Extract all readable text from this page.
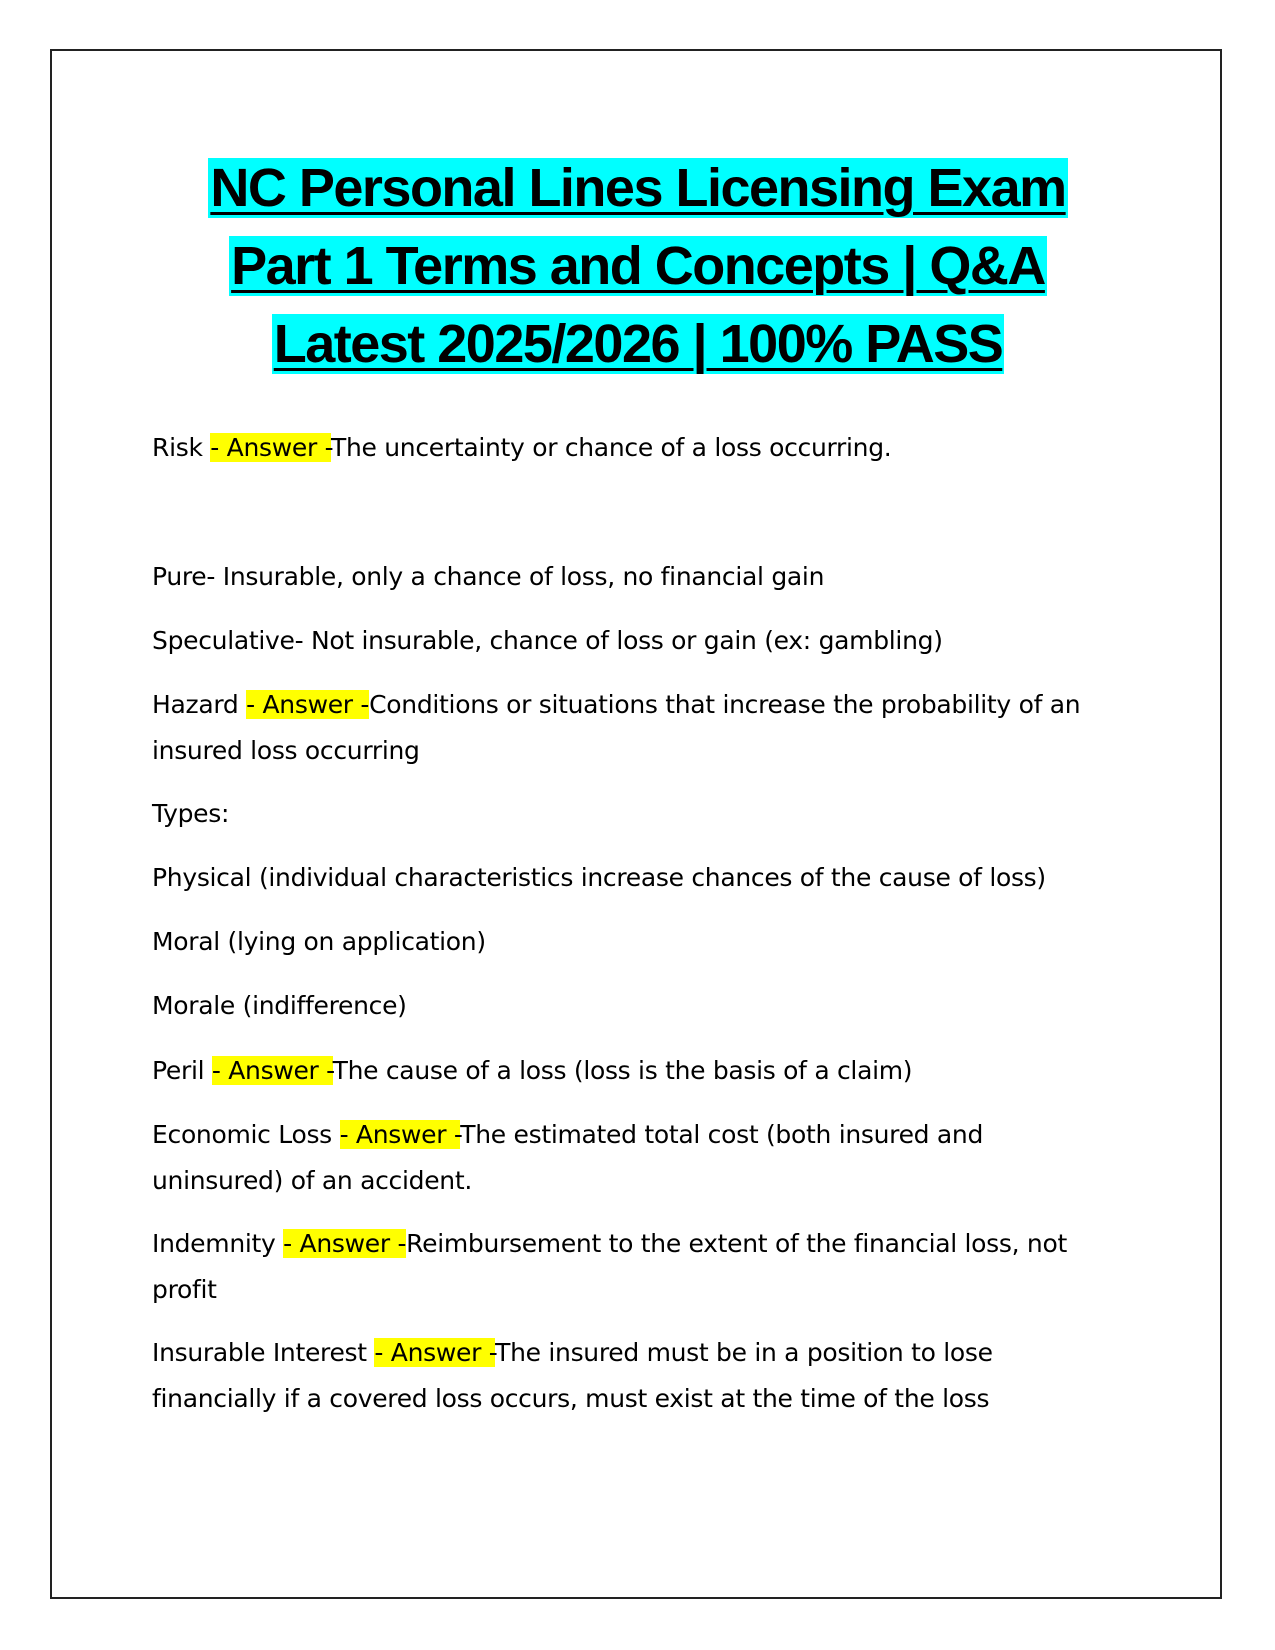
NC Personal Lines Licensing Exam
Part 1 Terms and Concepts | Q&A
Latest 2025/2026 | 100% PASS

Risk - Answer -The uncertainty or chance of a loss occurring.

Pure- Insurable, only a chance of loss, no financial gain

Speculative- Not insurable, chance of loss or gain (ex: gambling)

Hazard - Answer -Conditions or situations that increase the probability of an insured loss occurring

Types:

Physical (individual characteristics increase chances of the cause of loss)

Moral (lying on application)

Morale (indifference)

Peril - Answer -The cause of a loss (loss is the basis of a claim)

Economic Loss - Answer -The estimated total cost (both insured and uninsured) of an accident.

Indemnity - Answer -Reimbursement to the extent of the financial loss, not profit

Insurable Interest - Answer -The insured must be in a position to lose financially if a covered loss occurs, must exist at the time of the loss
